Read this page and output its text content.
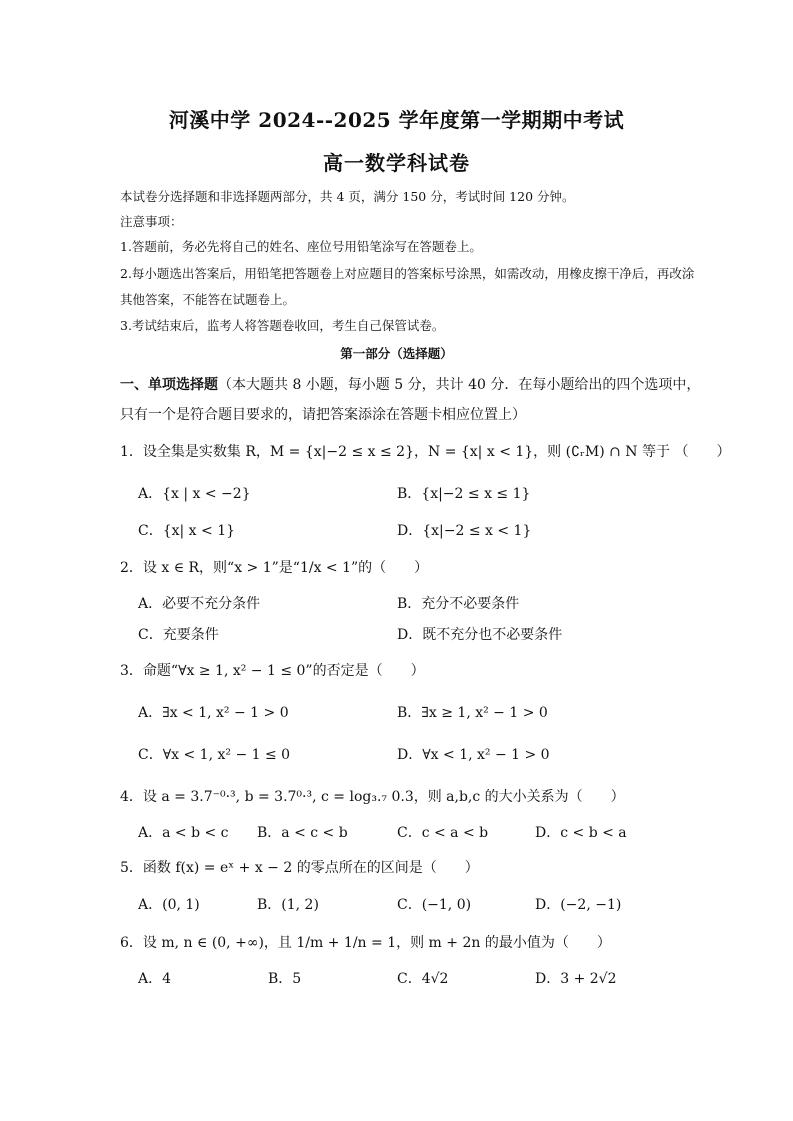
河溪中学 2024--2025 学年度第一学期期中考试
高一数学科试卷
本试卷分选择题和非选择题两部分，共 4 页，满分 150 分，考试时间 120 分钟。
注意事项：
1.答题前，务必先将自己的姓名、座位号用铅笔涂写在答题卷上。
2.每小题选出答案后，用铅笔把答题卷上对应题目的答案标号涂黑，如需改动，用橡皮擦干净后，再改涂
其他答案，不能答在试题卷上。
3.考试结束后，监考人将答题卷收回，考生自己保管试卷。
第一部分（选择题）
一、单项选择题（本大题共 8 小题，每小题 5 分，共计 40 分．在每小题给出的四个选项中，
只有一个是符合题目要求的，请把答案添涂在答题卡相应位置上）
1．设全集是实数集 R，M = {x|−2 ≤ x ≤ 2}，N = {x| x < 1}，则 (∁ᵣM) ∩ N 等于 （　　）
A．{x | x < −2}	B．{x|−2 ≤ x ≤ 1}
C．{x| x < 1}	D．{x|−2 ≤ x < 1}
2．设 x ∈ R，则“x > 1”是“1/x < 1”的（　　）
A．必要不充分条件	B．充分不必要条件
C．充要条件	D．既不充分也不必要条件
3．命题“∀x ≥ 1, x² − 1 ≤ 0”的否定是（　　）
A．∃x < 1, x² − 1 > 0	B．∃x ≥ 1, x² − 1 > 0
C．∀x < 1, x² − 1 ≤ 0	D．∀x < 1, x² − 1 > 0
4．设 a = 3.7⁻⁰·³, b = 3.7⁰·³, c = log₃.₇ 0.3，则 a,b,c 的大小关系为（　　）
A．a < b < c B．a < c < b	C．c < a < b	D．c < b < a
5．函数 f(x) = eˣ + x − 2 的零点所在的区间是（　　）
A．(0, 1)	B．(1, 2)	C．(−1, 0)	D．(−2, −1)
6．设 m, n ∈ (0, +∞)，且 1/m + 1/n = 1，则 m + 2n 的最小值为（　　）
A．4	B．5	C．4√2	D．3 + 2√2
